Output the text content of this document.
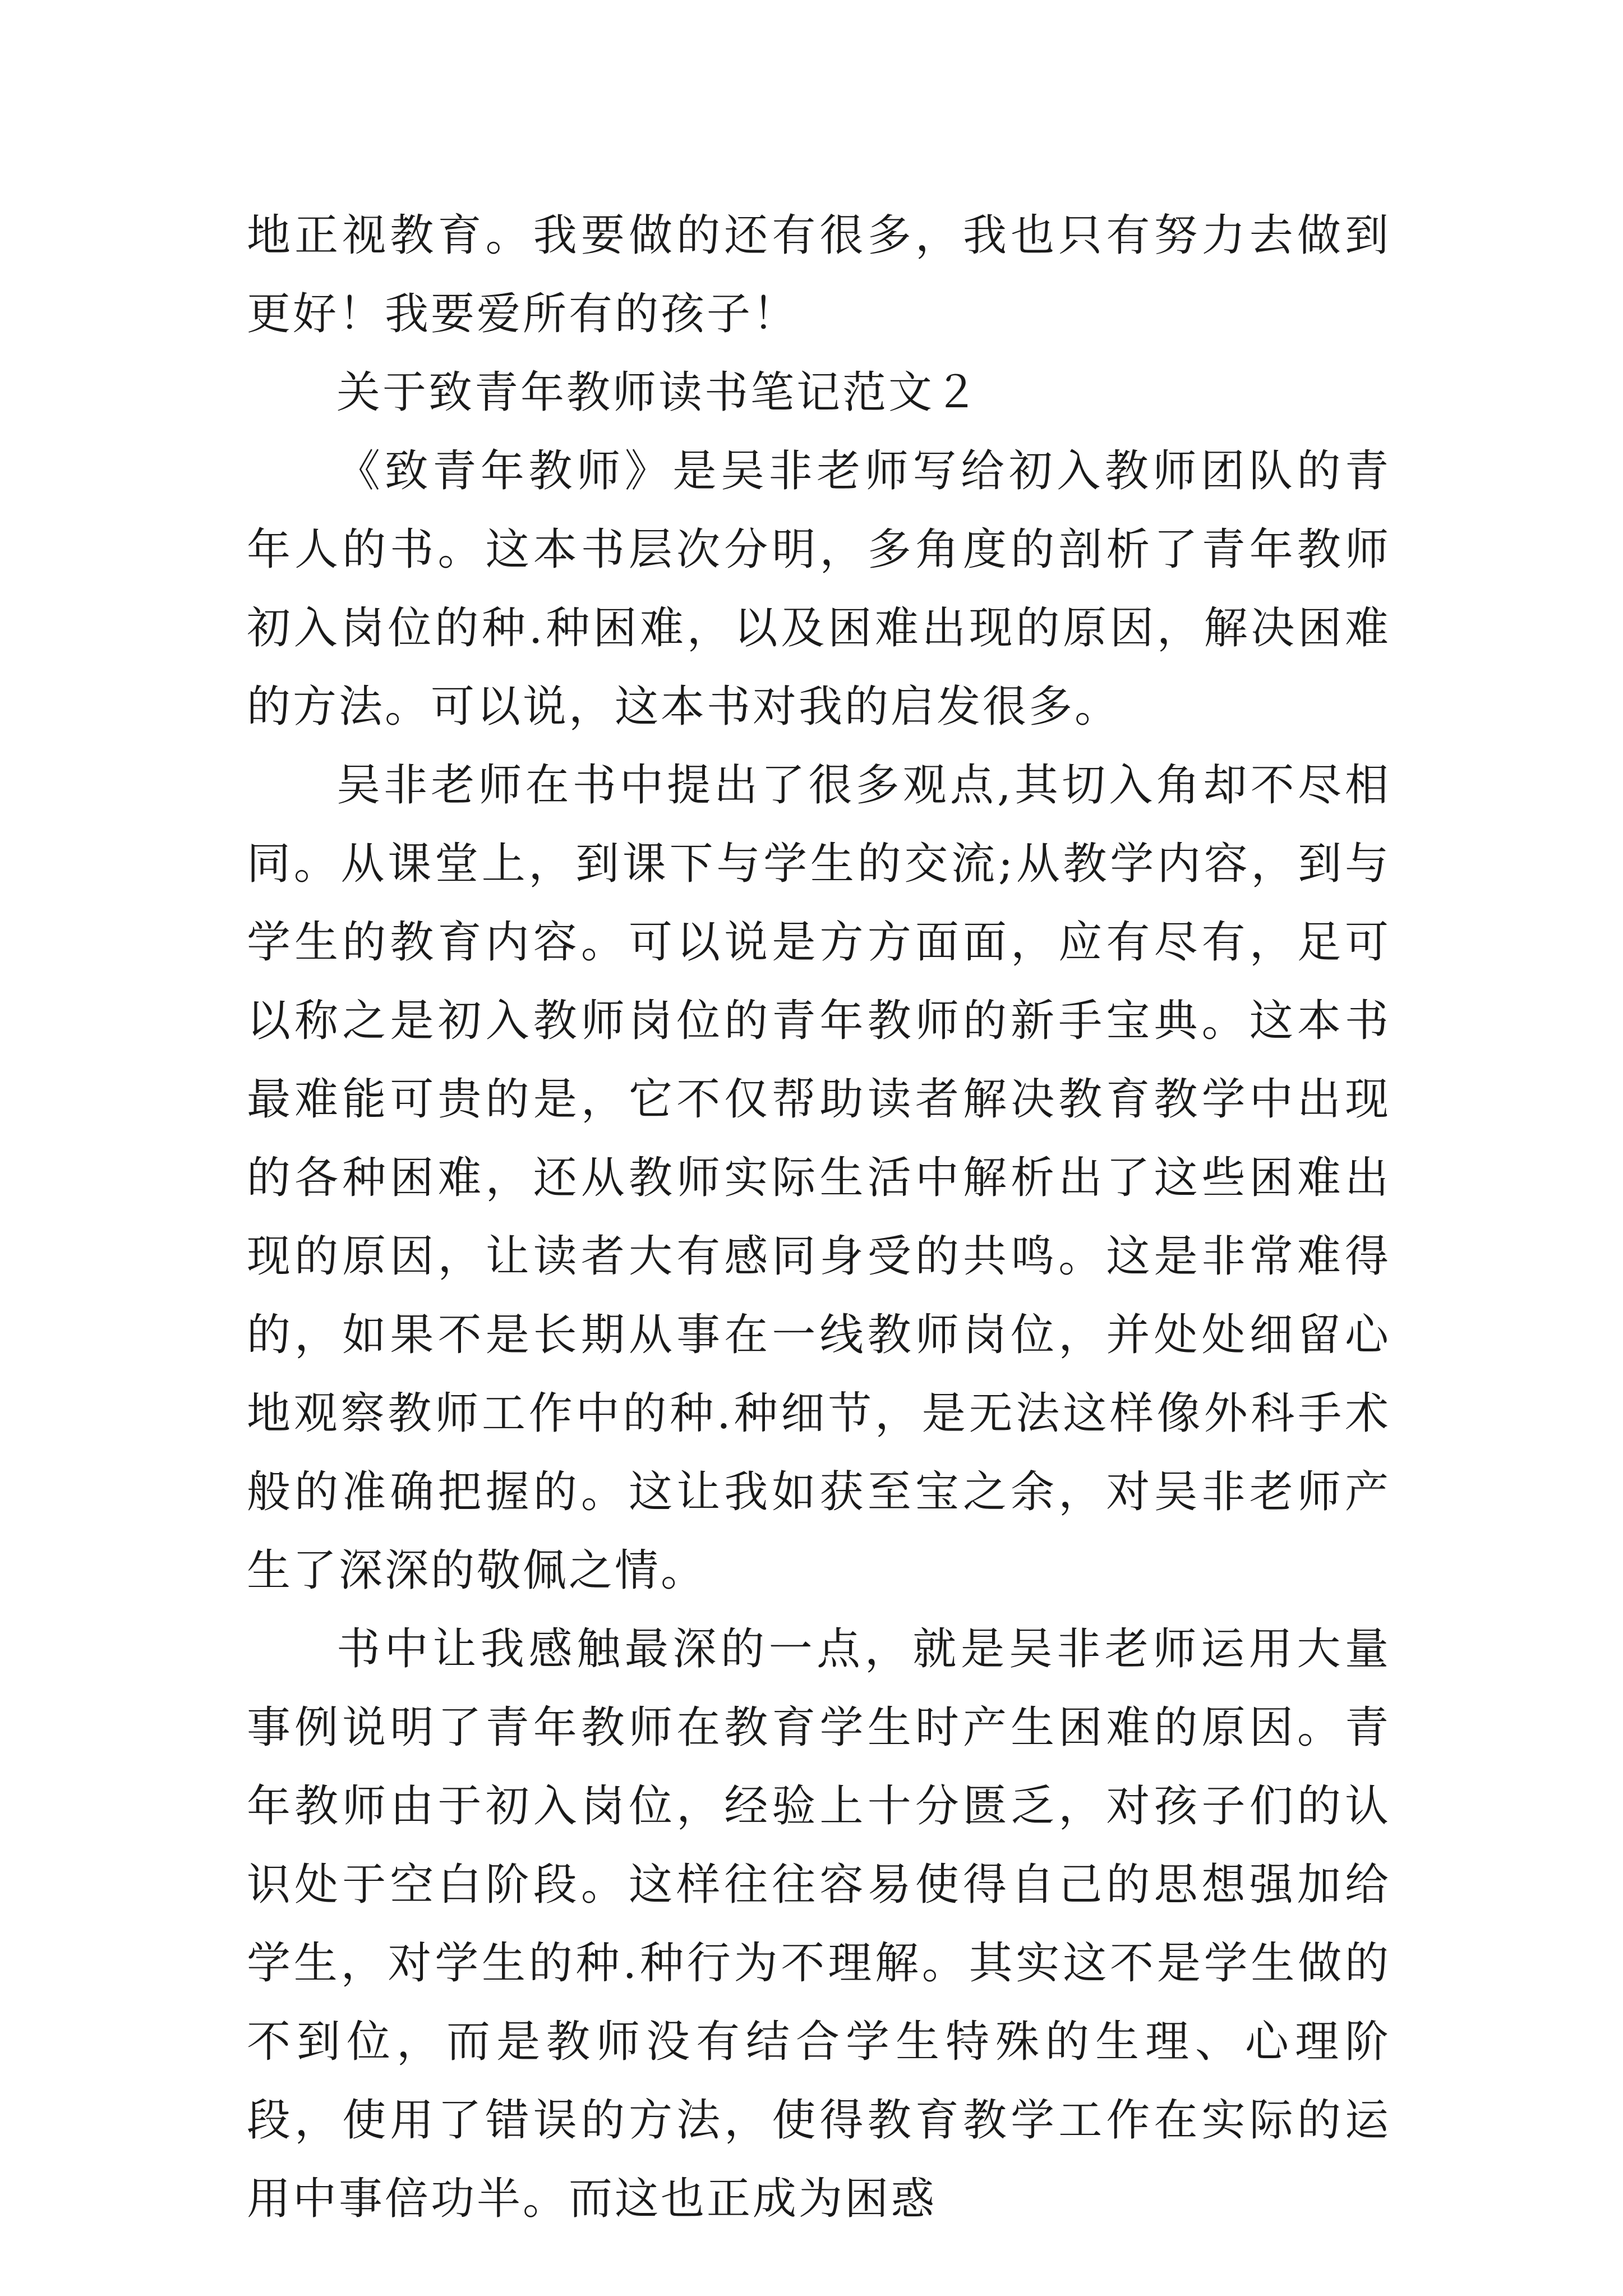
地正视教育。我要做的还有很多，我也只有努力去做到更好！我要爱所有的孩子！

关于致青年教师读书笔记范文２

《致青年教师》是吴非老师写给初入教师团队的青年人的书。这本书层次分明，多角度的剖析了青年教师初入岗位的种.种困难，以及困难出现的原因，解决困难的方法。可以说，这本书对我的启发很多。

吴非老师在书中提出了很多观点,其切入角却不尽相同。从课堂上，到课下与学生的交流;从教学内容，到与学生的教育内容。可以说是方方面面，应有尽有，足可以称之是初入教师岗位的青年教师的新手宝典。这本书最难能可贵的是，它不仅帮助读者解决教育教学中出现的各种困难，还从教师实际生活中解析出了这些困难出现的原因，让读者大有感同身受的共鸣。这是非常难得的，如果不是长期从事在一线教师岗位，并处处细留心地观察教师工作中的种.种细节，是无法这样像外科手术般的准确把握的。这让我如获至宝之余，对吴非老师产生了深深的敬佩之情。

书中让我感触最深的一点，就是吴非老师运用大量事例说明了青年教师在教育学生时产生困难的原因。青年教师由于初入岗位，经验上十分匮乏，对孩子们的认识处于空白阶段。这样往往容易使得自己的思想强加给学生，对学生的种.种行为不理解。其实这不是学生做的不到位，而是教师没有结合学生特殊的生理、心理阶段，使用了错误的方法，使得教育教学工作在实际的运用中事倍功半。而这也正成为困惑
